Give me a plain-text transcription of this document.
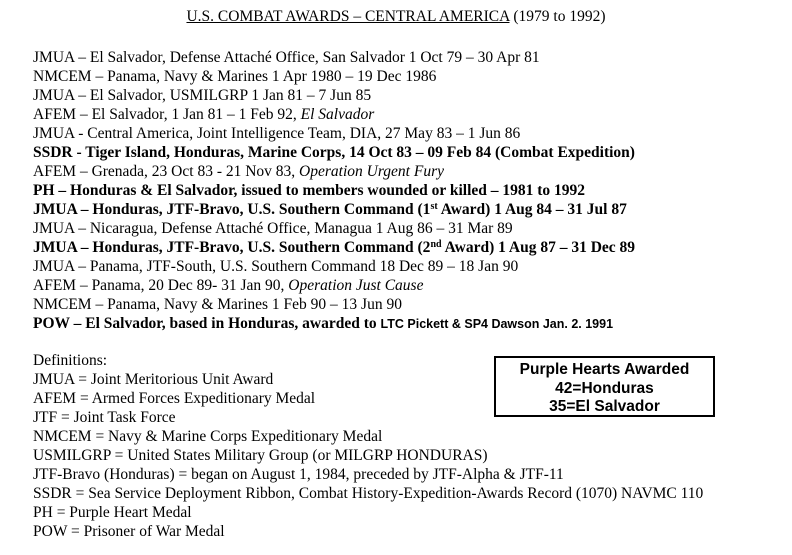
U.S. COMBAT AWARDS – CENTRAL AMERICA (1979 to 1992)
JMUA – El Salvador, Defense Attaché Office, San Salvador 1 Oct 79 – 30 Apr 81
NMCEM – Panama, Navy & Marines 1 Apr 1980 – 19 Dec 1986
JMUA – El Salvador, USMILGRP 1 Jan 81 – 7 Jun 85
AFEM – El Salvador, 1 Jan 81 – 1 Feb 92, El Salvador
JMUA - Central America, Joint Intelligence Team, DIA, 27 May 83 – 1 Jun 86
SSDR - Tiger Island, Honduras, Marine Corps, 14 Oct 83 – 09 Feb 84 (Combat Expedition)
AFEM – Grenada, 23 Oct 83 - 21 Nov 83, Operation Urgent Fury
PH – Honduras & El Salvador, issued to members wounded or killed – 1981 to 1992
JMUA – Honduras, JTF-Bravo, U.S. Southern Command (1st Award) 1 Aug 84 – 31 Jul 87
JMUA – Nicaragua, Defense Attaché Office, Managua 1 Aug 86 – 31 Mar 89
JMUA – Honduras, JTF-Bravo, U.S. Southern Command (2nd Award) 1 Aug 87 – 31 Dec 89
JMUA – Panama, JTF-South, U.S. Southern Command 18 Dec 89 – 18 Jan 90
AFEM – Panama, 20 Dec 89- 31 Jan 90, Operation Just Cause
NMCEM – Panama, Navy & Marines 1 Feb 90 – 13 Jun 90
POW – El Salvador, based in Honduras, awarded to LTC Pickett & SP4 Dawson Jan. 2. 1991
Definitions:
JMUA = Joint Meritorious Unit Award
AFEM = Armed Forces Expeditionary Medal
JTF = Joint Task Force
NMCEM = Navy & Marine Corps Expeditionary Medal
USMILGRP = United States Military Group (or MILGRP HONDURAS)
JTF-Bravo (Honduras) = began on August 1, 1984, preceded by JTF-Alpha & JTF-11
SSDR = Sea Service Deployment Ribbon, Combat History-Expedition-Awards Record (1070) NAVMC 110
PH = Purple Heart Medal
POW = Prisoner of War Medal
Purple Hearts Awarded
42=Honduras
35=El Salvador
